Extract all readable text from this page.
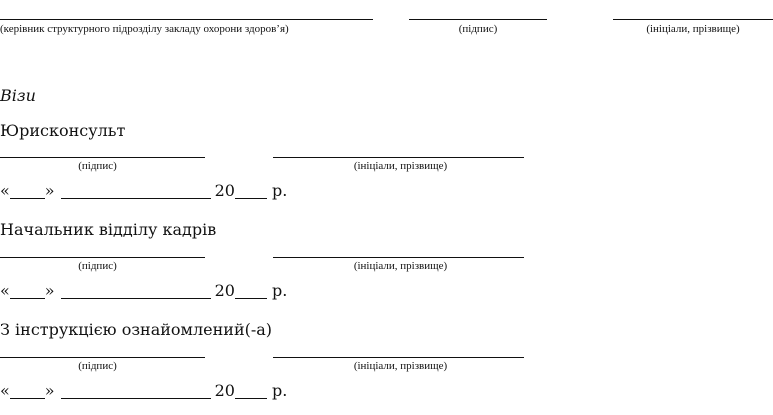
(керівник структурного підрозділу закладу охорони здоров’я)	(підпис)	(ініціали, прізвище)
Візи
Юрисконсульт
(підпис)	(ініціали, прізвище)
« »	20 р.
Начальник відділу кадрів
(підпис)	(ініціали, прізвище)
« »	20 р.
З інструкцією ознайомлений(-а)
(підпис)	(ініціали, прізвище)
« »	20 р.
